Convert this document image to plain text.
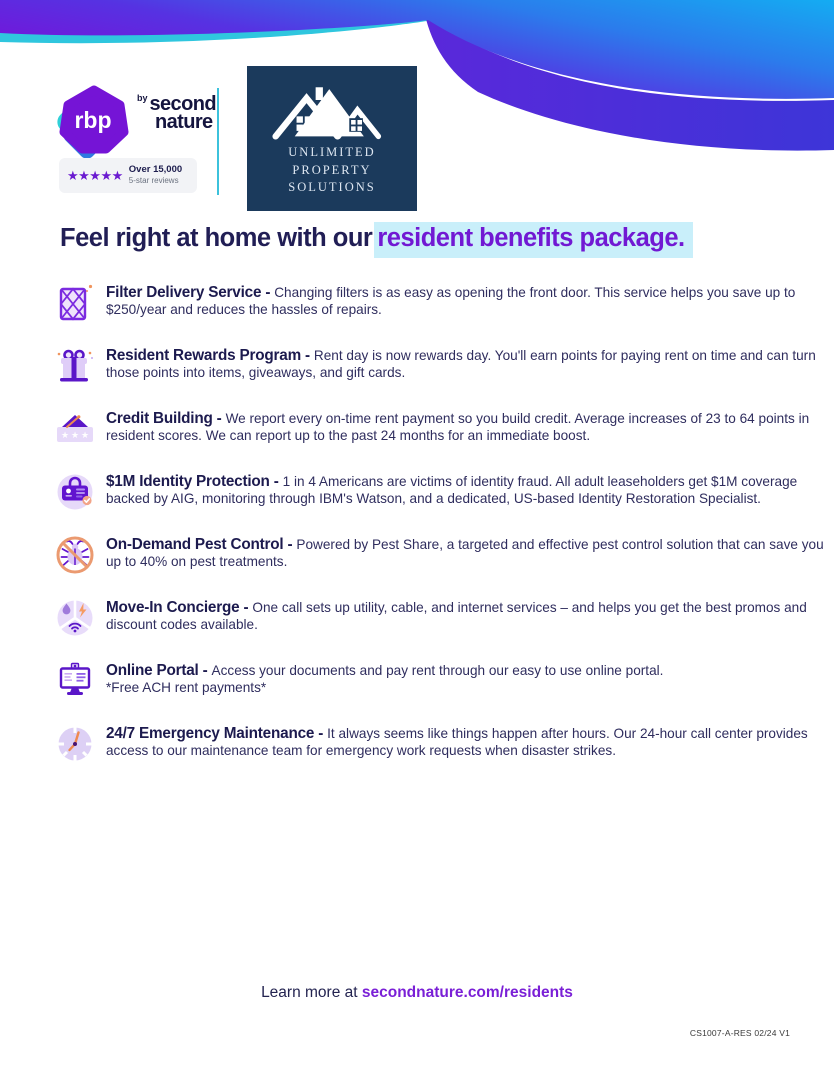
rbp
$^{by}$ second
nature
★★★★★ Over 15,000
5-star reviews
UNLIMITED
PROPERTY
SOLUTIONS
Feel right at home with our resident benefits package.

Filter Delivery Service - Changing filters is as easy as opening the front door. This service helps you save up to $250/year and reduces the hassles of repairs.

Resident Rewards Program - Rent day is now rewards day. You'll earn points for paying rent on time and can turn those points into items, giveaways, and gift cards.

★ ★ ★

Credit Building - We report every on-time rent payment so you build credit. Average increases of 23 to 64 points in resident scores. We can report up to the past 24 months for an immediate boost.

$1M Identity Protection - 1 in 4 Americans are victims of identity fraud. All adult leaseholders get $1M coverage backed by AIG, monitoring through IBM's Watson, and a dedicated, US-based Identity Restoration Specialist.

On-Demand Pest Control - Powered by Pest Share, a targeted and effective pest control solution that can save you up to 40% on pest treatments.

Move-In Concierge - One call sets up utility, cable, and internet services – and helps you get the best promos and discount codes available.

Online Portal - Access your documents and pay rent through our easy to use online portal.
*Free ACH rent payments*

24/7 Emergency Maintenance - It always seems like things happen after hours. Our 24-hour call center provides access to our maintenance team for emergency work requests when disaster strikes.

Learn more at secondnature.com/residents
CS1007-A-RES 02/24 V1
